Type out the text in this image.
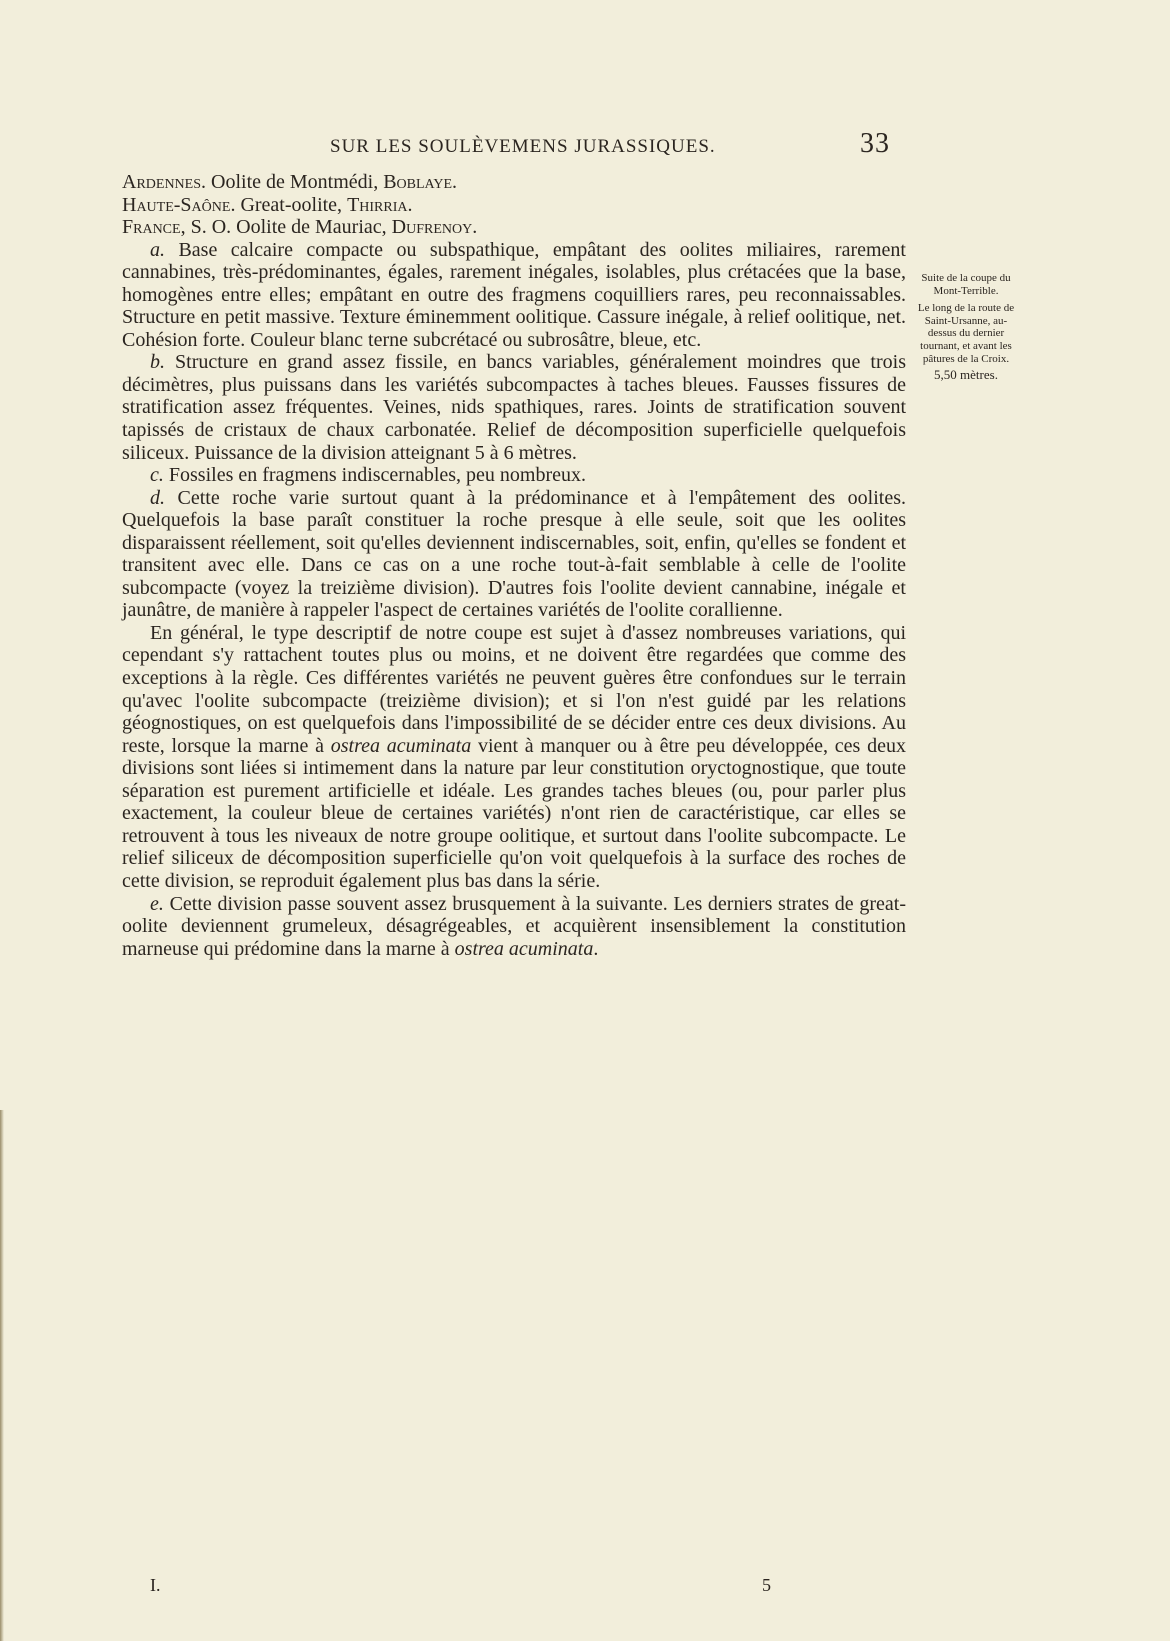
SUR LES SOULÈVEMENS JURASSIQUES.	33

Ardennes. Oolite de Montmédi, Boblaye.

Haute-Saône. Great-oolite, Thirria.

France, S. O. Oolite de Mauriac, Dufrenoy.

a. Base calcaire compacte ou subspathique, empâtant des oolites miliaires, rarement cannabines, très-prédominantes, égales, rarement inégales, isolables, plus crétacées que la base, homogènes entre elles; empâtant en outre des fragmens coquilliers rares, peu reconnaissables. Structure en petit massive. Texture éminemment oolitique. Cassure inégale, à relief oolitique, net. Cohésion forte. Couleur blanc terne subcrétacé ou subrosâtre, bleue, etc.

b. Structure en grand assez fissile, en bancs variables, généralement moindres que trois décimètres, plus puissans dans les variétés subcompactes à taches bleues. Fausses fissures de stratification assez fréquentes. Veines, nids spathiques, rares. Joints de stratification souvent tapissés de cristaux de chaux carbonatée. Relief de décomposition superficielle quelquefois siliceux. Puissance de la division atteignant 5 à 6 mètres.

c. Fossiles en fragmens indiscernables, peu nombreux.

d. Cette roche varie surtout quant à la prédominance et à l'empâtement des oolites. Quelquefois la base paraît constituer la roche presque à elle seule, soit que les oolites disparaissent réellement, soit qu'elles deviennent indiscernables, soit, enfin, qu'elles se fondent et transitent avec elle. Dans ce cas on a une roche tout-à-fait semblable à celle de l'oolite subcompacte (voyez la treizième division). D'autres fois l'oolite devient cannabine, inégale et jaunâtre, de manière à rappeler l'aspect de certaines variétés de l'oolite corallienne.

En général, le type descriptif de notre coupe est sujet à d'assez nombreuses variations, qui cependant s'y rattachent toutes plus ou moins, et ne doivent être regardées que comme des exceptions à la règle. Ces différentes variétés ne peuvent guères être confondues sur le terrain qu'avec l'oolite subcompacte (treizième division); et si l'on n'est guidé par les relations géognostiques, on est quelquefois dans l'impossibilité de se décider entre ces deux divisions. Au reste, lorsque la marne à ostrea acuminata vient à manquer ou à être peu développée, ces deux divisions sont liées si intimement dans la nature par leur constitution oryctognostique, que toute séparation est purement artificielle et idéale. Les grandes taches bleues (ou, pour parler plus exactement, la couleur bleue de certaines variétés) n'ont rien de caractéristique, car elles se retrouvent à tous les niveaux de notre groupe oolitique, et surtout dans l'oolite subcompacte. Le relief siliceux de décomposition superficielle qu'on voit quelquefois à la surface des roches de cette division, se reproduit également plus bas dans la série.

e. Cette division passe souvent assez brusquement à la suivante. Les derniers strates de great-oolite deviennent grumeleux, désagrégeables, et acquièrent insensiblement la constitution marneuse qui prédomine dans la marne à ostrea acuminata.

Suite de la coupe du Mont-Terrible.
Le long de la route de Saint-Ursanne, au-dessus du dernier tournant, et avant les pâtures de la Croix.
5,50 mètres.
I.	5
